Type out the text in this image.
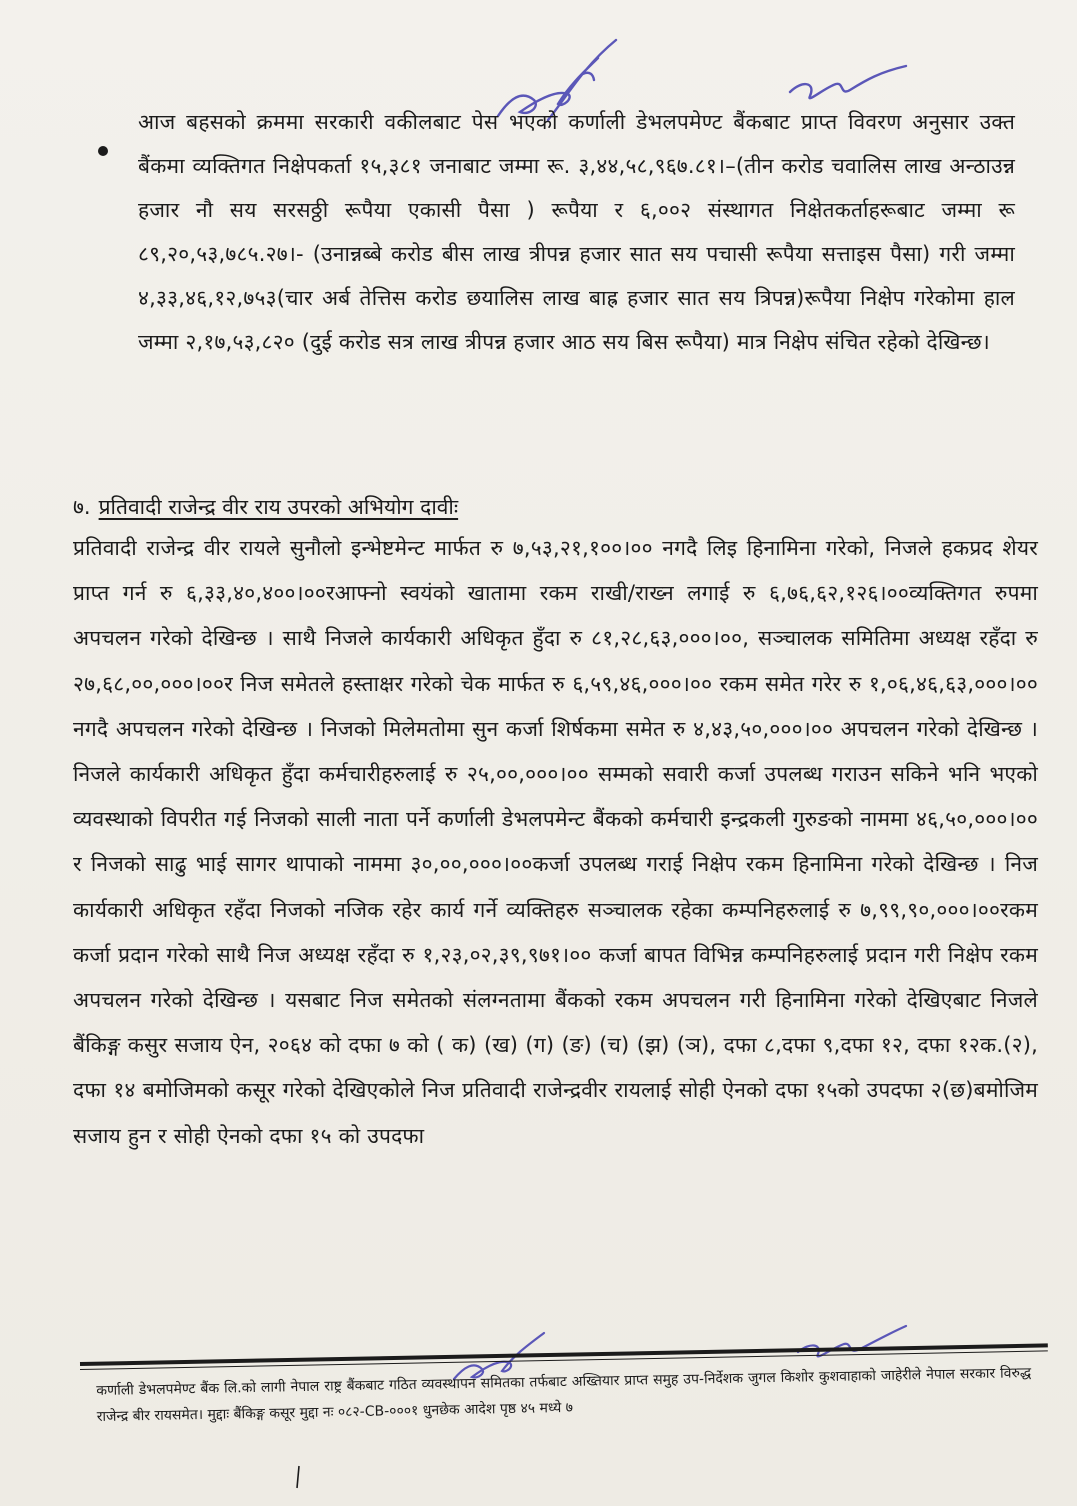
आज बहसको क्रममा सरकारी वकीलबाट पेस भएको कर्णाली डेभलपमेण्ट बैंकबाट प्राप्त विवरण अनुसार उक्त बैंकमा व्यक्तिगत निक्षेपकर्ता १५,३८१ जनाबाट जम्मा रू. ३,४४,५८,९६७.८१।–(तीन करोड चवालिस लाख अन्ठाउन्न हजार नौ सय सरसठ्ठी रूपैया एकासी पैसा ) रूपैया र ६,००२ संस्थागत निक्षेतकर्ताहरूबाट जम्मा रू ८९,२०,५३,७८५.२७।- (उनान्नब्बे करोड बीस लाख त्रीपन्न हजार सात सय पचासी रूपैया सत्ताइस पैसा) गरी जम्मा ४,३३,४६,१२,७५३(चार अर्ब तेत्तिस करोड छयालिस लाख बाह्र हजार सात सय त्रिपन्न)रूपैया निक्षेप गरेकोमा हाल जम्मा २,१७,५३,८२० (दुई करोड सत्र लाख त्रीपन्न हजार आठ सय बिस रूपैया) मात्र निक्षेप संचित रहेको देखिन्छ।
७. प्रतिवादी राजेन्द्र वीर राय उपरको अभियोग दावीः
प्रतिवादी राजेन्द्र वीर रायले सुनौलो इन्भेष्टमेन्ट मार्फत रु ७,५३,२१,१००।०० नगदै लिइ हिनामिना गरेको, निजले हकप्रद शेयर प्राप्त गर्न रु ६,३३,४०,४००।००रआफ्नो स्वयंको खातामा रकम राखी/राख्न लगाई रु ६,७६,६२,१२६।००व्यक्तिगत रुपमा अपचलन गरेको देखिन्छ । साथै निजले कार्यकारी अधिकृत हुँदा रु ८१,२८,६३,०००।००, सञ्चालक समितिमा अध्यक्ष रहँदा रु २७,६८,००,०००।००र निज समेतले हस्ताक्षर गरेको चेक मार्फत रु ६,५९,४६,०००।०० रकम समेत गरेर रु १,०६,४६,६३,०००।०० नगदै अपचलन गरेको देखिन्छ । निजको मिलेमतोमा सुन कर्जा शिर्षकमा समेत रु ४,४३,५०,०००।०० अपचलन गरेको देखिन्छ । निजले कार्यकारी अधिकृत हुँदा कर्मचारीहरुलाई रु २५,००,०००।०० सम्मको सवारी कर्जा उपलब्ध गराउन सकिने भनि भएको व्यवस्थाको विपरीत गई निजको साली नाता पर्ने कर्णाली डेभलपमेन्ट बैंकको कर्मचारी इन्द्रकली गुरुङको नाममा ४६,५०,०००।०० र निजको साढु भाई सागर थापाको नाममा ३०,००,०००।००कर्जा उपलब्ध गराई निक्षेप रकम हिनामिना गरेको देखिन्छ । निज कार्यकारी अधिकृत रहँदा निजको नजिक रहेर कार्य गर्ने व्यक्तिहरु सञ्चालक रहेका कम्पनिहरुलाई रु ७,९९,९०,०००।००रकम कर्जा प्रदान गरेको साथै निज अध्यक्ष रहँदा रु १,२३,०२,३९,९७१।०० कर्जा बापत विभिन्न कम्पनिहरुलाई प्रदान गरी निक्षेप रकम अपचलन गरेको देखिन्छ । यसबाट निज समेतको संलग्नतामा बैंकको रकम अपचलन गरी हिनामिना गरेको देखिएबाट निजले बैंकिङ्ग कसुर सजाय ऐन, २०६४ को दफा ७ को ( क) (ख) (ग) (ङ) (च) (झ) (ञ), दफा ८,दफा ९,दफा १२, दफा १२क.(२), दफा १४ बमोजिमको कसूर गरेको देखिएकोले निज प्रतिवादी राजेन्द्रवीर रायलाई सोही ऐनको दफा १५को उपदफा २(छ)बमोजिम सजाय हुन र सोही ऐनको दफा १५ को उपदफा
कर्णाली डेभलपमेण्ट बैंक लि.को लागी नेपाल राष्ट्र बैंकबाट गठित व्यवस्थापन समितका तर्फबाट अख्तियार प्राप्त समुह उप-निर्देशक जुगल किशोर कुशवाहाको जाहेरीले नेपाल सरकार विरुद्ध राजेन्द्र बीर रायसमेत। मुद्दाः बैंकिङ्ग कसूर मुद्दा नः ०८२-CB-०००१ धुनछेक आदेश पृष्ठ ४५ मध्ये ७
